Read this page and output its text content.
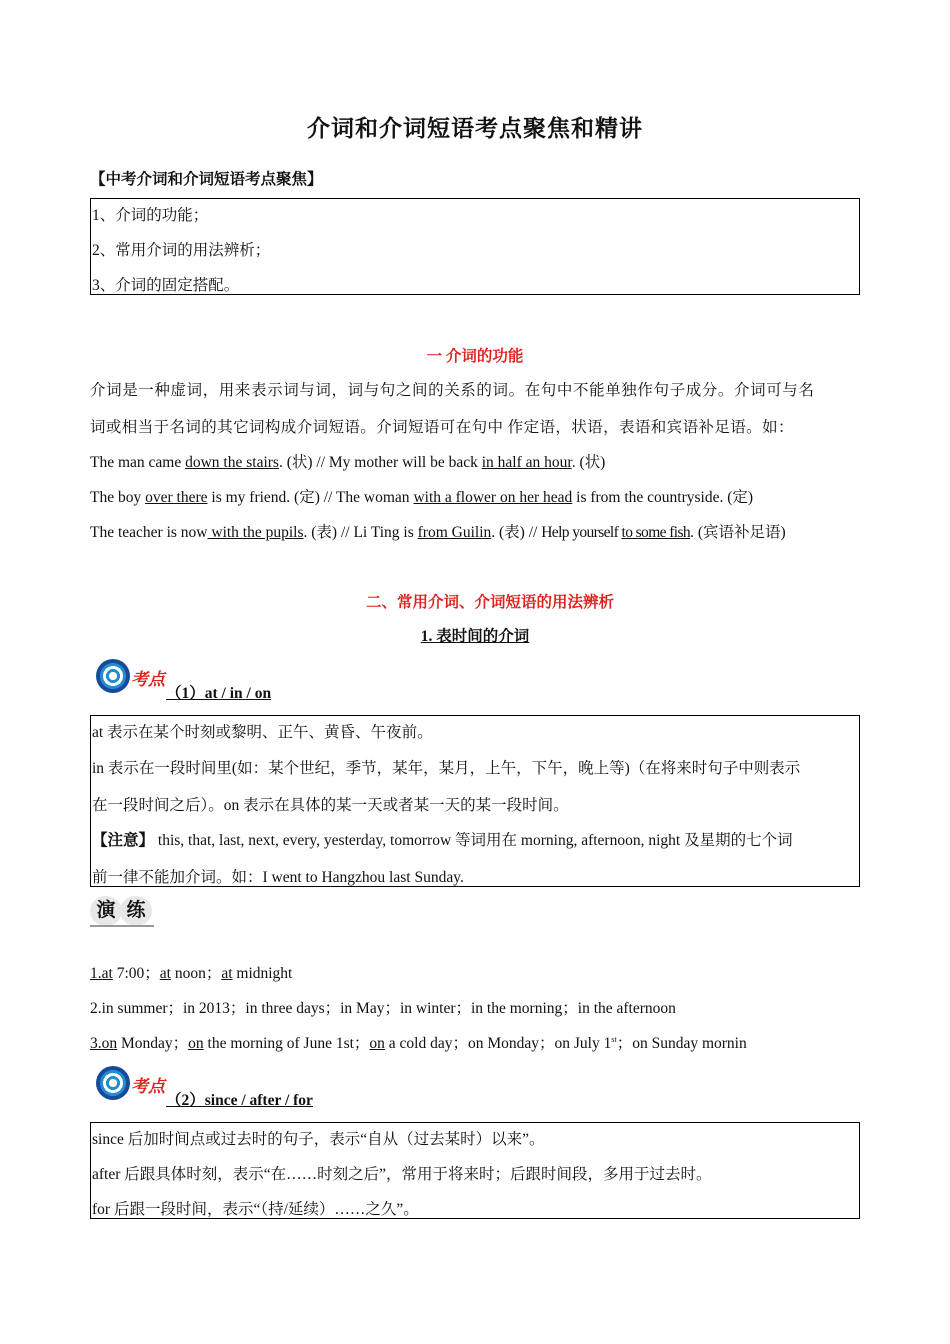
介词和介词短语考点聚焦和精讲
【中考介词和介词短语考点聚焦】
1、介词的功能；
2、常用介词的用法辨析；
3、介词的固定搭配。
一 介词的功能
介词是一种虚词，用来表示词与词，词与句之间的关系的词。在句中不能单独作句子成分。介词可与名
词或相当于名词的其它词构成介词短语。介词短语可在句中 作定语，状语，表语和宾语补足语。如：
The man came down the stairs. (状) // My mother will be back in half an hour. (状)
The boy over there is my friend. (定) // The woman with a flower on her head is from the countryside. (定)
The teacher is now with the pupils. (表) // Li Ting is from Guilin. (表) // Help yourself to some fish. (宾语补足语)
二、常用介词、介词短语的用法辨析
1. 表时间的介词
考点
（1）at / in / on
at 表示在某个时刻或黎明、正午、黄昏、午夜前。
in 表示在一段时间里(如：某个世纪，季节，某年，某月，上午，下午，晚上等)（在将来时句子中则表示
在一段时间之后）。on 表示在具体的某一天或者某一天的某一段时间。
【注意】 this, that, last, next, every, yesterday, tomorrow 等词用在 morning, afternoon, night 及星期的七个词
前一律不能加介词。如：I went to Hangzhou last Sunday.
演 练
1.at 7:00；at noon；at midnight
2.in summer；in 2013；in three days；in May；in winter；in the morning；in the afternoon
3.on Monday；on the morning of June 1st；on a cold day；on Monday；on July 1st；on Sunday mornin
考点
（2）since / after / for
since 后加时间点或过去时的句子，表示“自从（过去某时）以来”。
after 后跟具体时刻，表示“在……时刻之后”，常用于将来时；后跟时间段，多用于过去时。
for 后跟一段时间，表示“（持/延续）……之久”。
